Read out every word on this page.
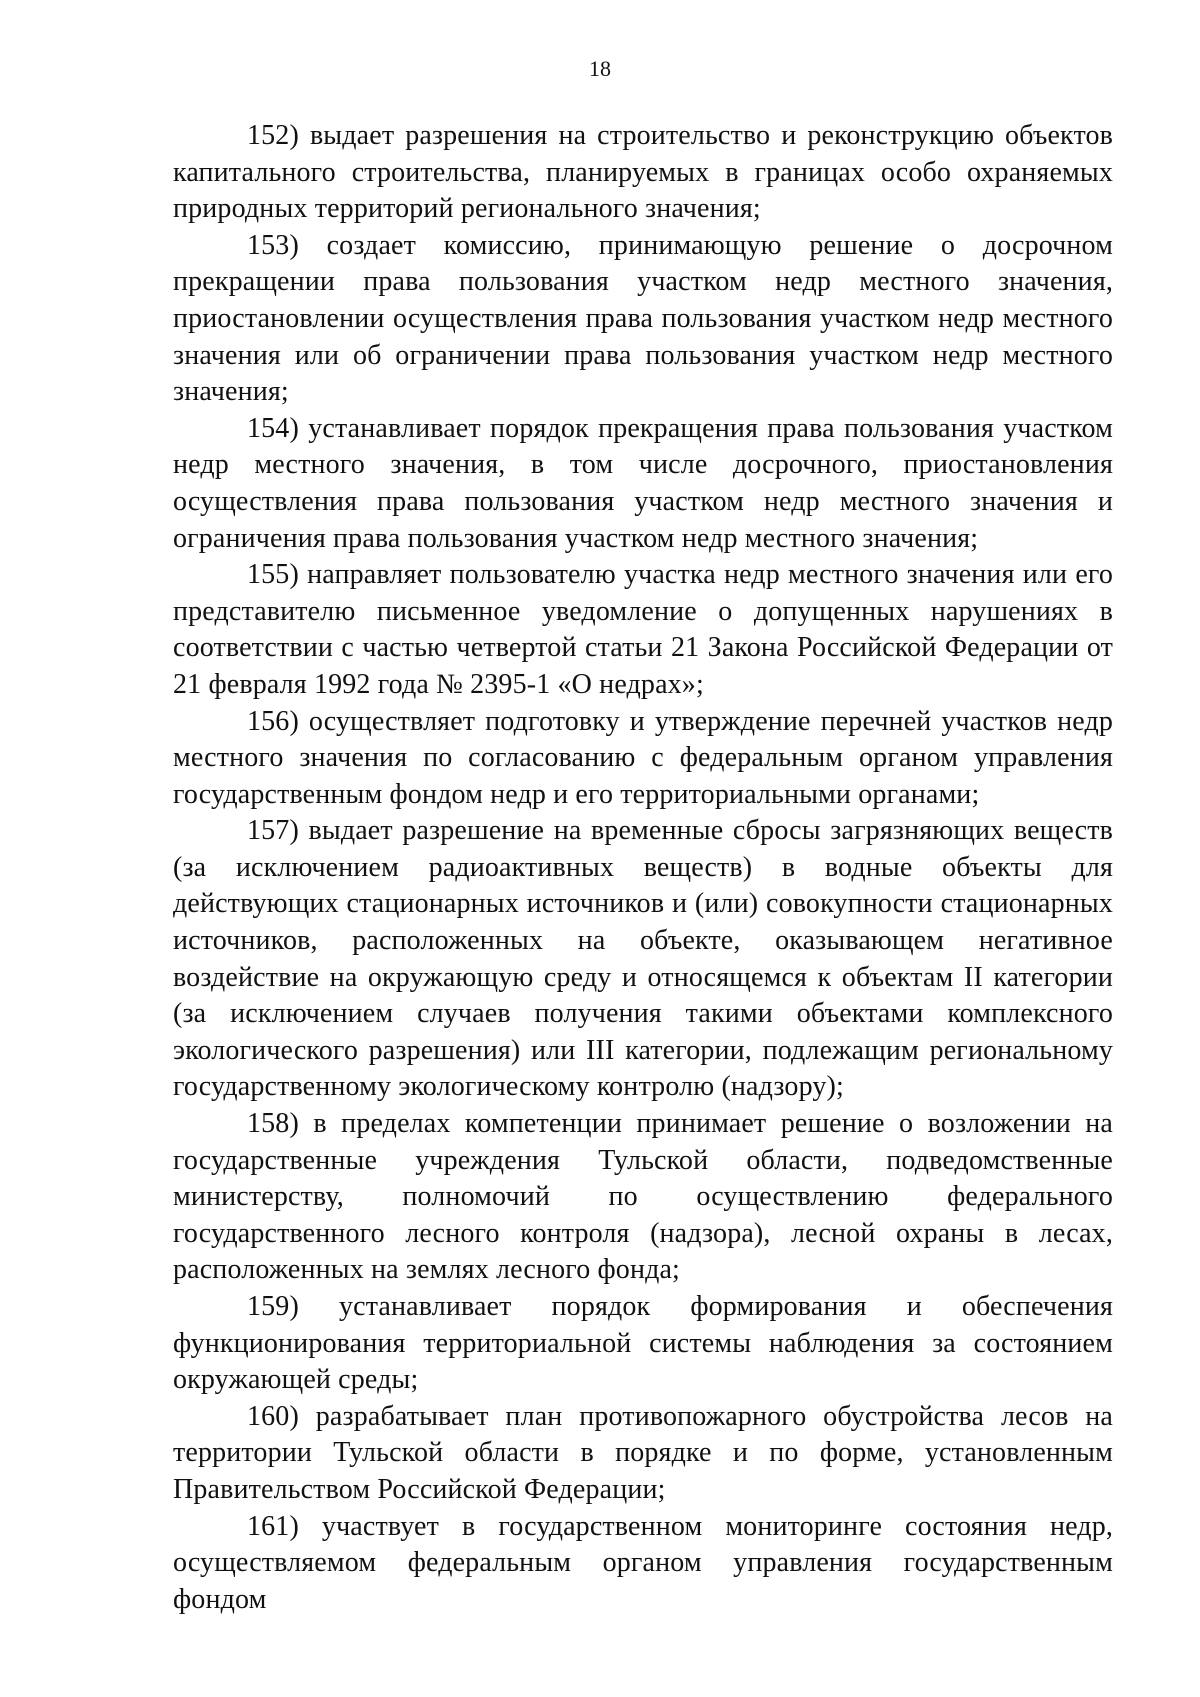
18

152) выдает разрешения на строительство и реконструкцию объектов капитального строительства, планируемых в границах особо охраняемых природных территорий регионального значения;

153) создает комиссию, принимающую решение о досрочном прекращении права пользования участком недр местного значения, приостановлении осуществления права пользования участком недр местного значения или об ограничении права пользования участком недр местного значения;

154) устанавливает порядок прекращения права пользования участком недр местного значения, в том числе досрочного, приостановления осуществления права пользования участком недр местного значения и ограничения права пользования участком недр местного значения;

155) направляет пользователю участка недр местного значения или его представителю письменное уведомление о допущенных нарушениях в соответствии с частью четвертой статьи 21 Закона Российской Федерации от 21 февраля 1992 года № 2395-1 «О недрах»;

156) осуществляет подготовку и утверждение перечней участков недр местного значения по согласованию с федеральным органом управления государственным фондом недр и его территориальными органами;

157) выдает разрешение на временные сбросы загрязняющих веществ (за исключением радиоактивных веществ) в водные объекты для действующих стационарных источников и (или) совокупности стационарных источников, расположенных на объекте, оказывающем негативное воздействие на окружающую среду и относящемся к объектам II категории (за исключением случаев получения такими объектами комплексного экологического разрешения) или III категории, подлежащим региональному государственному экологическому контролю (надзору);

158) в пределах компетенции принимает решение о возложении на государственные учреждения Тульской области, подведомственные министерству, полномочий по осуществлению федерального государственного лесного контроля (надзора), лесной охраны в лесах, расположенных на землях лесного фонда;

159) устанавливает порядок формирования и обеспечения функционирования территориальной системы наблюдения за состоянием окружающей среды;

160) разрабатывает план противопожарного обустройства лесов на территории Тульской области в порядке и по форме, установленным Правительством Российской Федерации;

161) участвует в государственном мониторинге состояния недр, осуществляемом федеральным органом управления государственным фондом
